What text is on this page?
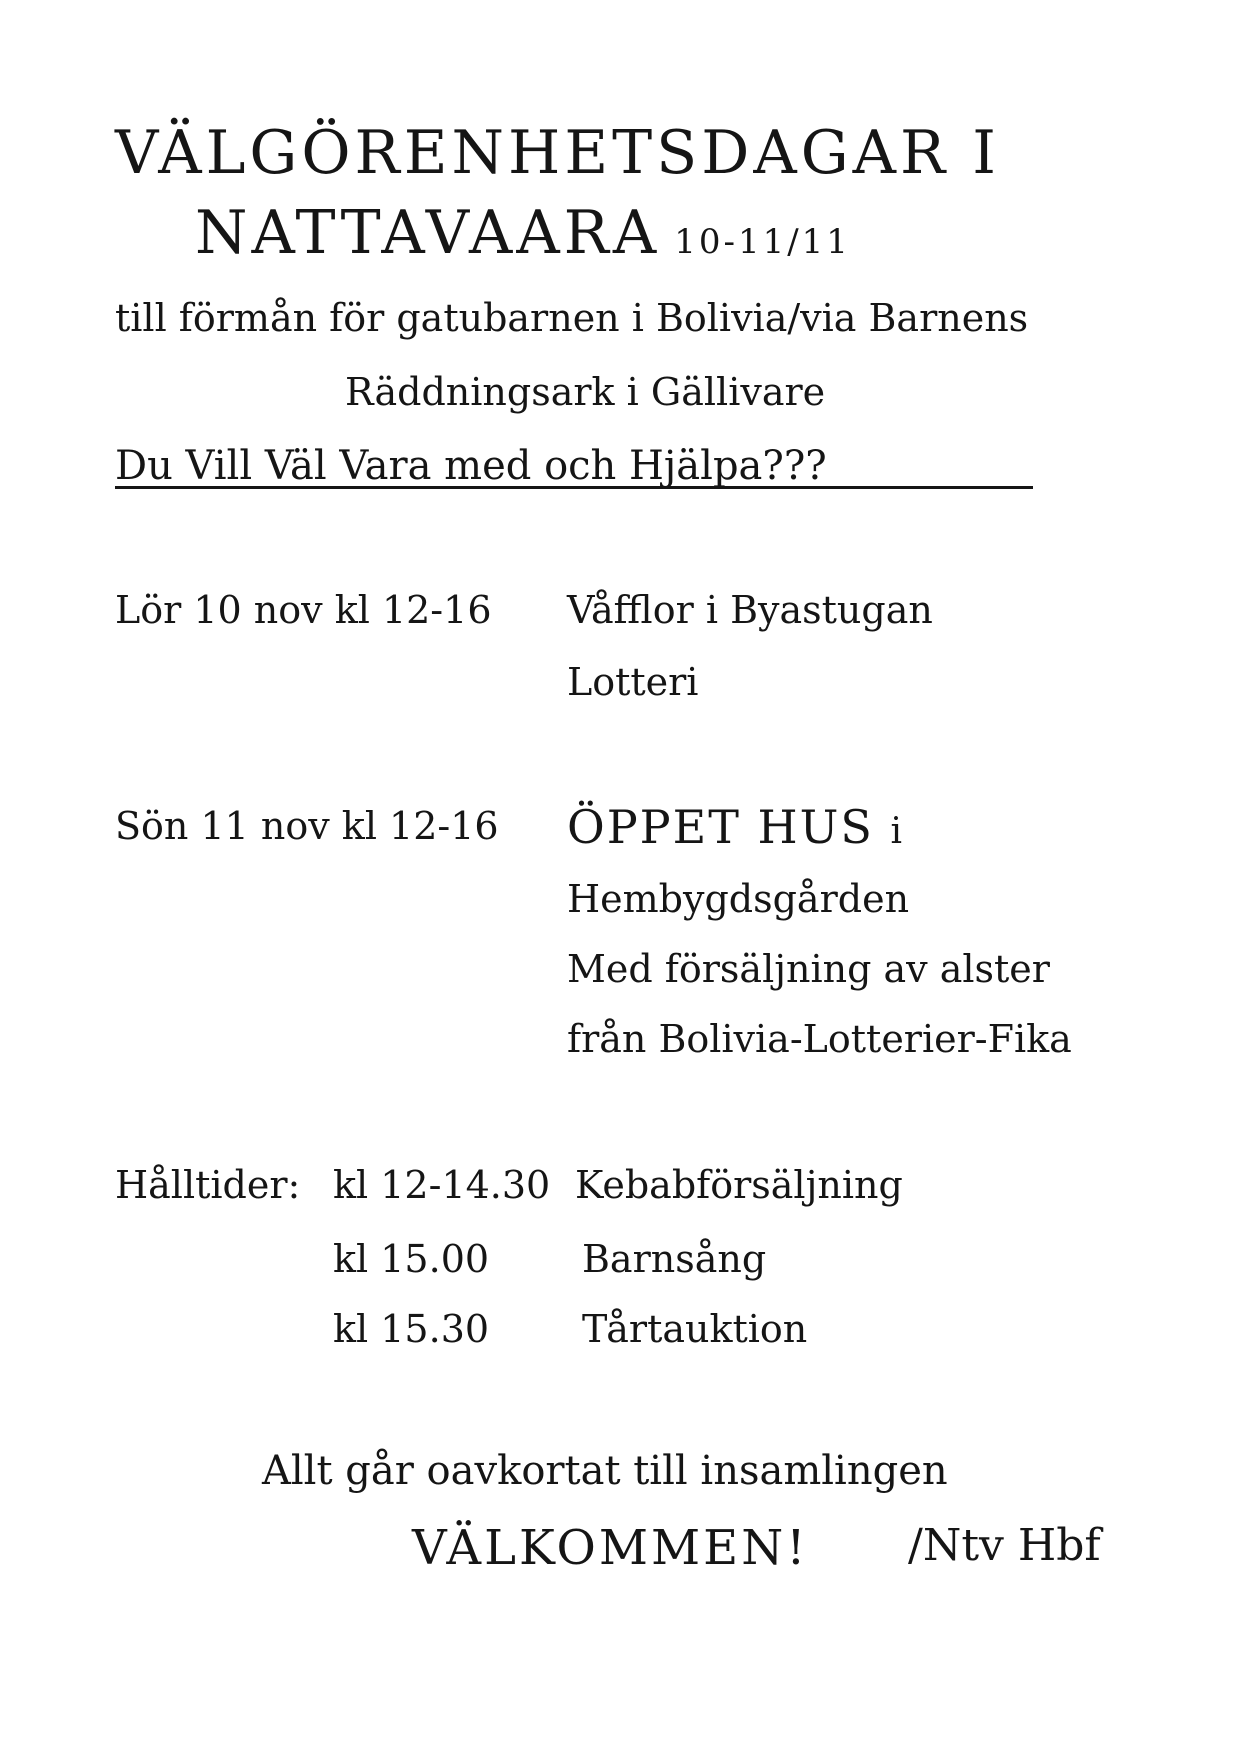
VÄLGÖRENHETSDAGAR I
NATTAVAARA 10-11/11
till förmån för gatubarnen i Bolivia/via Barnens
Räddningsark i Gällivare
Du Vill Väl Vara med och Hjälpa???
Lör 10 nov kl 12-16 Våfflor i Byastugan
Lotteri
Sön 11 nov kl 12-16 ÖPPET HUS i
Hembygdsgården
Med försäljning av alster
från Bolivia-Lotterier-Fika
Hålltider: kl 12-14.30 Kebabförsäljning
kl 15.00 Barnsång
kl 15.30 Tårtauktion
Allt går oavkortat till insamlingen
VÄLKOMMEN! /Ntv Hbf
